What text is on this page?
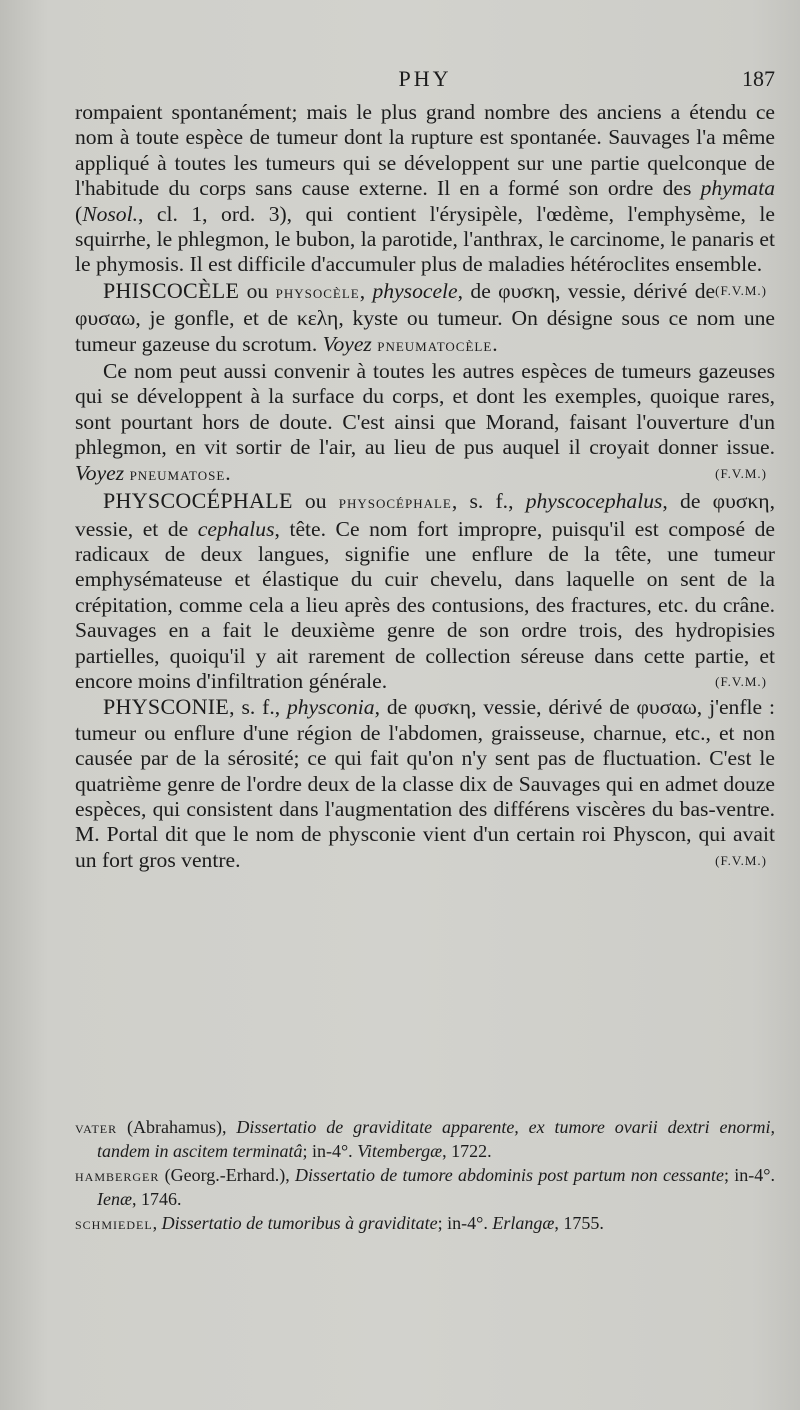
PHY	187

rompaient spontanément; mais le plus grand nombre des anciens a étendu ce nom à toute espèce de tumeur dont la rupture est spontanée. Sauvages l'a même appliqué à toutes les tumeurs qui se développent sur une partie quelconque de l'habitude du corps sans cause externe. Il en a formé son ordre des phymata (Nosol., cl. 1, ord. 3), qui contient l'érysipèle, l'œdème, l'emphysème, le squirrhe, le phlegmon, le bubon, la parotide, l'anthrax, le carcinome, le panaris et le phymosis. Il est difficile d'accumuler plus de maladies hétéroclites ensemble.
(F.V.M.)

PHISCOCÈLE ou PHYSOCÈLE, physocele, de φυσκη, vessie, dérivé de φυσαω, je gonfle, et de κελη, kyste ou tumeur. On désigne sous ce nom une tumeur gazeuse du scrotum. Voyez PNEUMATOCÈLE.

Ce nom peut aussi convenir à toutes les autres espèces de tumeurs gazeuses qui se développent à la surface du corps, et dont les exemples, quoique rares, sont pourtant hors de doute. C'est ainsi que Morand, faisant l'ouverture d'un phlegmon, en vit sortir de l'air, au lieu de pus auquel il croyait donner issue. Voyez PNEUMATOSE.	(F.V.M.)

PHYSCOCÉPHALE ou PHYSOCÉPHALE, s. f., physcocephalus, de φυσκη, vessie, et de cephalus, tête. Ce nom fort impropre, puisqu'il est composé de radicaux de deux langues, signifie une enflure de la tête, une tumeur emphysémateuse et élastique du cuir chevelu, dans laquelle on sent de la crépitation, comme cela a lieu après des contusions, des fractures, etc. du crâne. Sauvages en a fait le deuxième genre de son ordre trois, des hydropisies partielles, quoiqu'il y ait rarement de collection séreuse dans cette partie, et encore moins d'infiltration générale.	(F.V.M.)

PHYSCONIE, s. f., physconia, de φυσκη, vessie, dérivé de φυσαω, j'enfle : tumeur ou enflure d'une région de l'abdomen, graisseuse, charnue, etc., et non causée par de la sérosité; ce qui fait qu'on n'y sent pas de fluctuation. C'est le quatrième genre de l'ordre deux de la classe dix de Sauvages qui en admet douze espèces, qui consistent dans l'augmentation des différens viscères du bas-ventre. M. Portal dit que le nom de physconie vient d'un certain roi Physcon, qui avait un fort gros ventre.	(F.V.M.)

VATER (Abrahamus), Dissertatio de graviditate apparente, ex tumore ovarii dextri enormi, tandem in ascitem terminatâ; in-4°. Vitembergæ, 1722.

HAMBERGER (Georg.-Erhard.), Dissertatio de tumore abdominis post partum non cessante; in-4°. Ienæ, 1746.

SCHMIEDEL, Dissertatio de tumoribus à graviditate; in-4°. Erlangæ, 1755.
